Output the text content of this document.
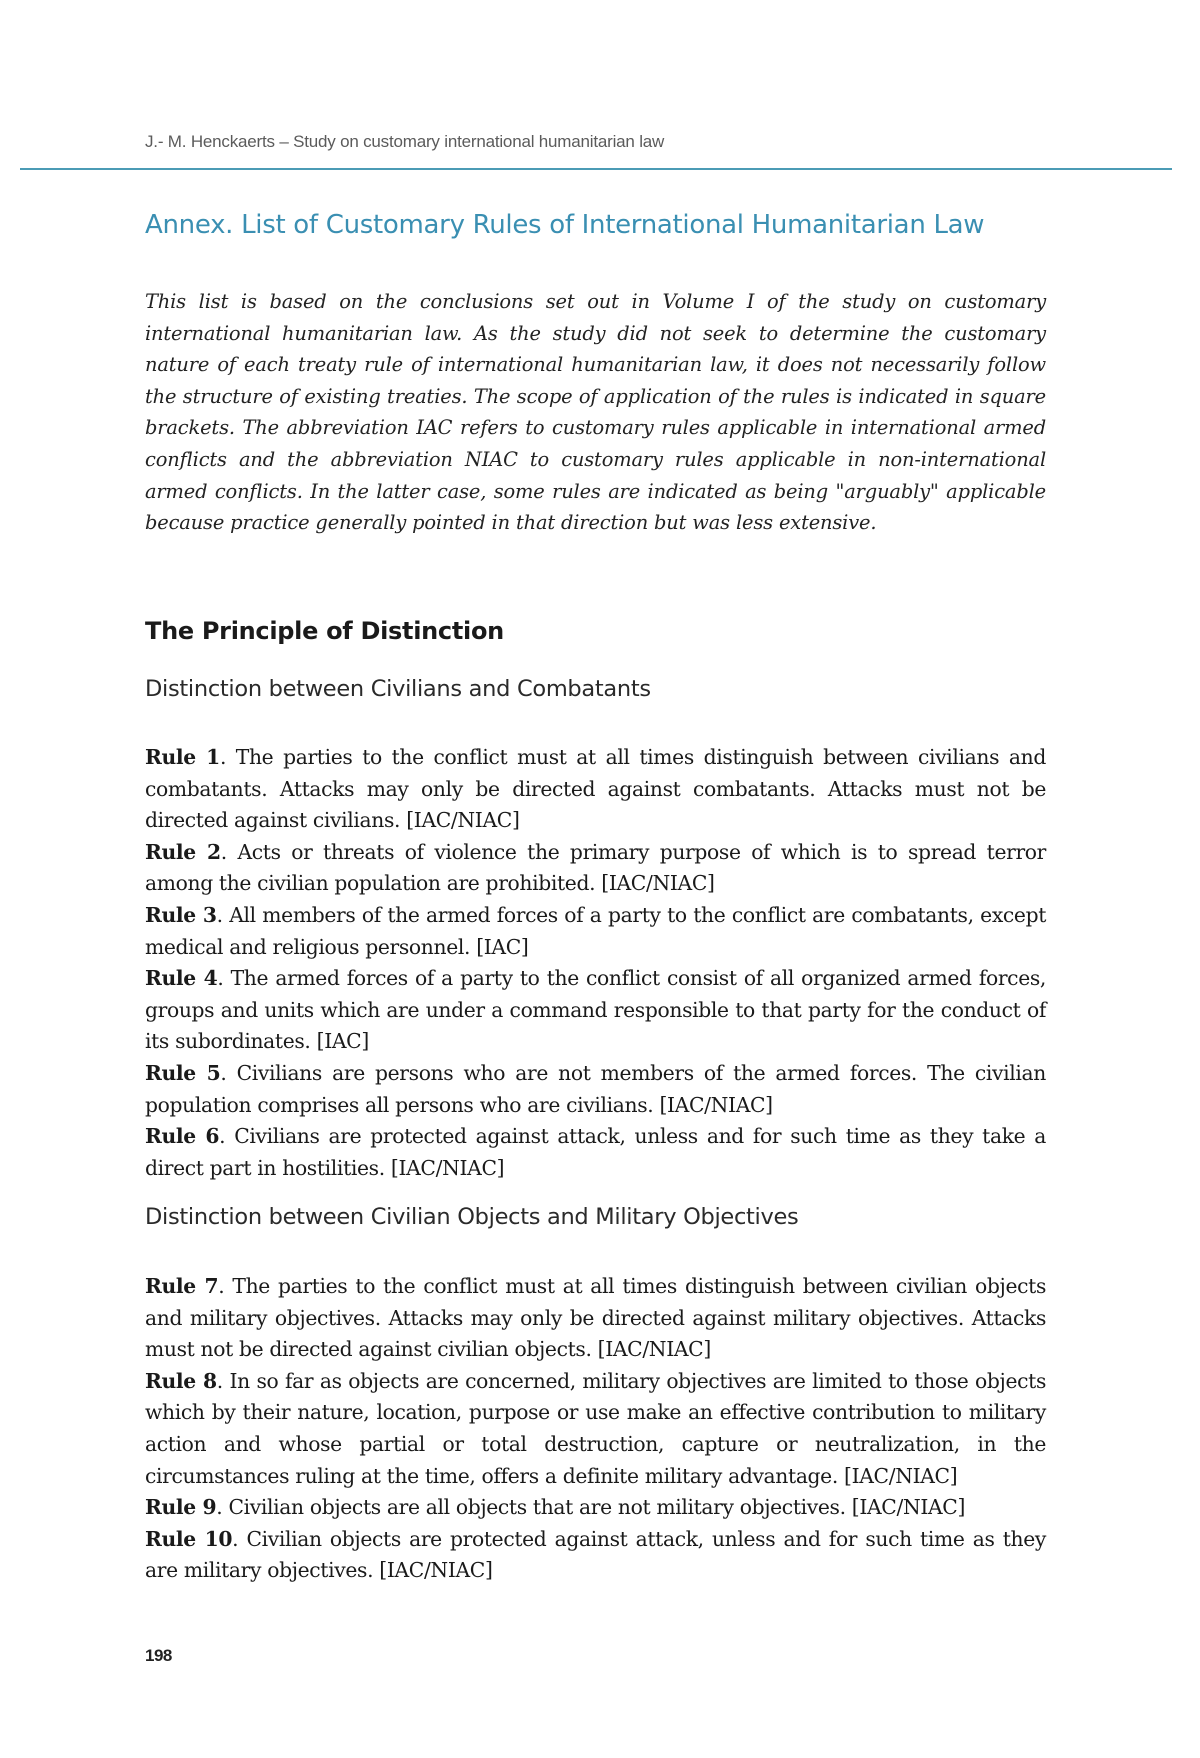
J.- M. Henckaerts – Study on customary international humanitarian law
Annex. List of Customary Rules of International Humanitarian Law

This list is based on the conclusions set out in Volume I of the study on customary international humanitarian law. As the study did not seek to determine the customary nature of each treaty rule of international humanitarian law, it does not necessarily follow the structure of existing treaties. The scope of application of the rules is indicated in square brackets. The abbreviation IAC refers to customary rules applicable in international armed conflicts and the abbreviation NIAC to customary rules applicable in non-international armed conflicts. In the latter case, some rules are indicated as being "arguably" applicable because practice generally pointed in that direction but was less extensive.

The Principle of Distinction
Distinction between Civilians and Combatants

Rule 1. The parties to the conflict must at all times distinguish between civilians and combatants. Attacks may only be directed against combatants. Attacks must not be directed against civilians. [IAC/NIAC]

Rule 2. Acts or threats of violence the primary purpose of which is to spread terror among the civilian population are prohibited. [IAC/NIAC]

Rule 3. All members of the armed forces of a party to the conflict are combatants, except medical and religious personnel. [IAC]

Rule 4. The armed forces of a party to the conflict consist of all organized armed forces, groups and units which are under a command responsible to that party for the conduct of its subordinates. [IAC]

Rule 5. Civilians are persons who are not members of the armed forces. The civilian population comprises all persons who are civilians. [IAC/NIAC]

Rule 6. Civilians are protected against attack, unless and for such time as they take a direct part in hostilities. [IAC/NIAC]

Distinction between Civilian Objects and Military Objectives

Rule 7. The parties to the conflict must at all times distinguish between civilian objects and military objectives. Attacks may only be directed against military objectives. Attacks must not be directed against civilian objects. [IAC/NIAC]

Rule 8. In so far as objects are concerned, military objectives are limited to those objects which by their nature, location, purpose or use make an effective contribution to military action and whose partial or total destruction, capture or neutralization, in the circumstances ruling at the time, offers a definite military advantage. [IAC/NIAC]

Rule 9. Civilian objects are all objects that are not military objectives. [IAC/NIAC]

Rule 10. Civilian objects are protected against attack, unless and for such time as they are military objectives. [IAC/NIAC]

198
